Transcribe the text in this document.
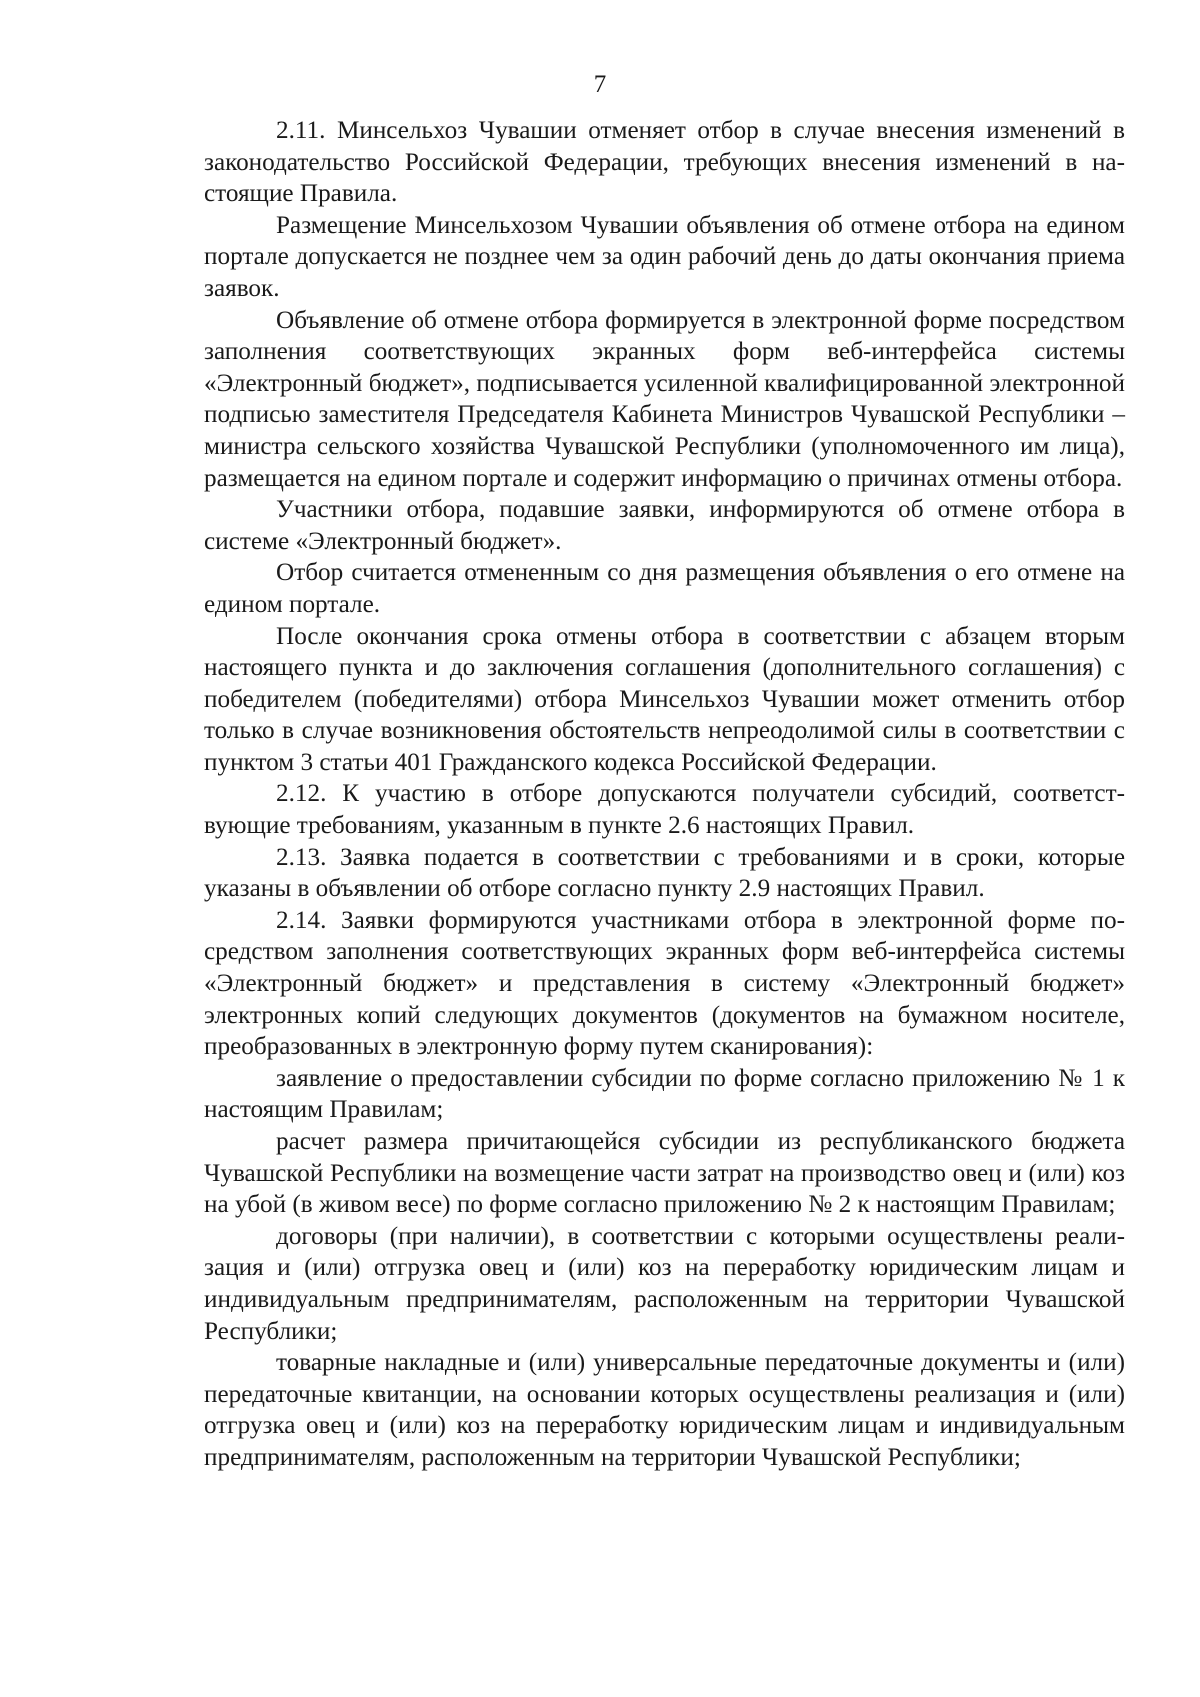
7

2.11. Минсельхоз Чувашии отменяет отбор в случае внесения изменений в законодательство Российской Федерации, требующих внесения изменений в настоящие Правила.

Размещение Минсельхозом Чувашии объявления об отмене отбора на едином портале допускается не позднее чем за один рабочий день до даты окончания приема заявок.

Объявление об отмене отбора формируется в электронной форме посредством заполнения соответствующих экранных форм веб-интерфейса системы «Электронный бюджет», подписывается усиленной квалифицированной электронной подписью заместителя Председателя Кабинета Министров Чувашской Республики – министра сельского хозяйства Чувашской Республики (уполномоченного им лица), размещается на едином портале и содержит информацию о причинах отмены отбора.

Участники отбора, подавшие заявки, информируются об отмене отбора в системе «Электронный бюджет».

Отбор считается отмененным со дня размещения объявления о его отмене на едином портале.

После окончания срока отмены отбора в соответствии с абзацем вторым настоящего пункта и до заключения соглашения (дополнительного соглашения) с победителем (победителями) отбора Минсельхоз Чувашии может отменить отбор только в случае возникновения обстоятельств непреодолимой силы в соответствии с пунктом 3 статьи 401 Гражданского кодекса Российской Федерации.

2.12. К участию в отборе допускаются получатели субсидий, соответствующие требованиям, указанным в пункте 2.6 настоящих Правил.

2.13. Заявка подается в соответствии с требованиями и в сроки, которые указаны в объявлении об отборе согласно пункту 2.9 настоящих Правил.

2.14. Заявки формируются участниками отбора в электронной форме посредством заполнения соответствующих экранных форм веб-интерфейса системы «Электронный бюджет» и представления в систему «Электронный бюджет» электронных копий следующих документов (документов на бумажном носителе, преобразованных в электронную форму путем сканирования):

заявление о предоставлении субсидии по форме согласно приложению № 1 к настоящим Правилам;

расчет размера причитающейся субсидии из республиканского бюджета Чувашской Республики на возмещение части затрат на производство овец и (или) коз на убой (в живом весе) по форме согласно приложению № 2 к настоящим Правилам;

договоры (при наличии), в соответствии с которыми осуществлены реализация и (или) отгрузка овец и (или) коз на переработку юридическим лицам и индивидуальным предпринимателям, расположенным на территории Чувашской Республики;

товарные накладные и (или) универсальные передаточные документы и (или) передаточные квитанции, на основании которых осуществлены реализация и (или) отгрузка овец и (или) коз на переработку юридическим лицам и индивидуальным предпринимателям, расположенным на территории Чувашской Республики;
